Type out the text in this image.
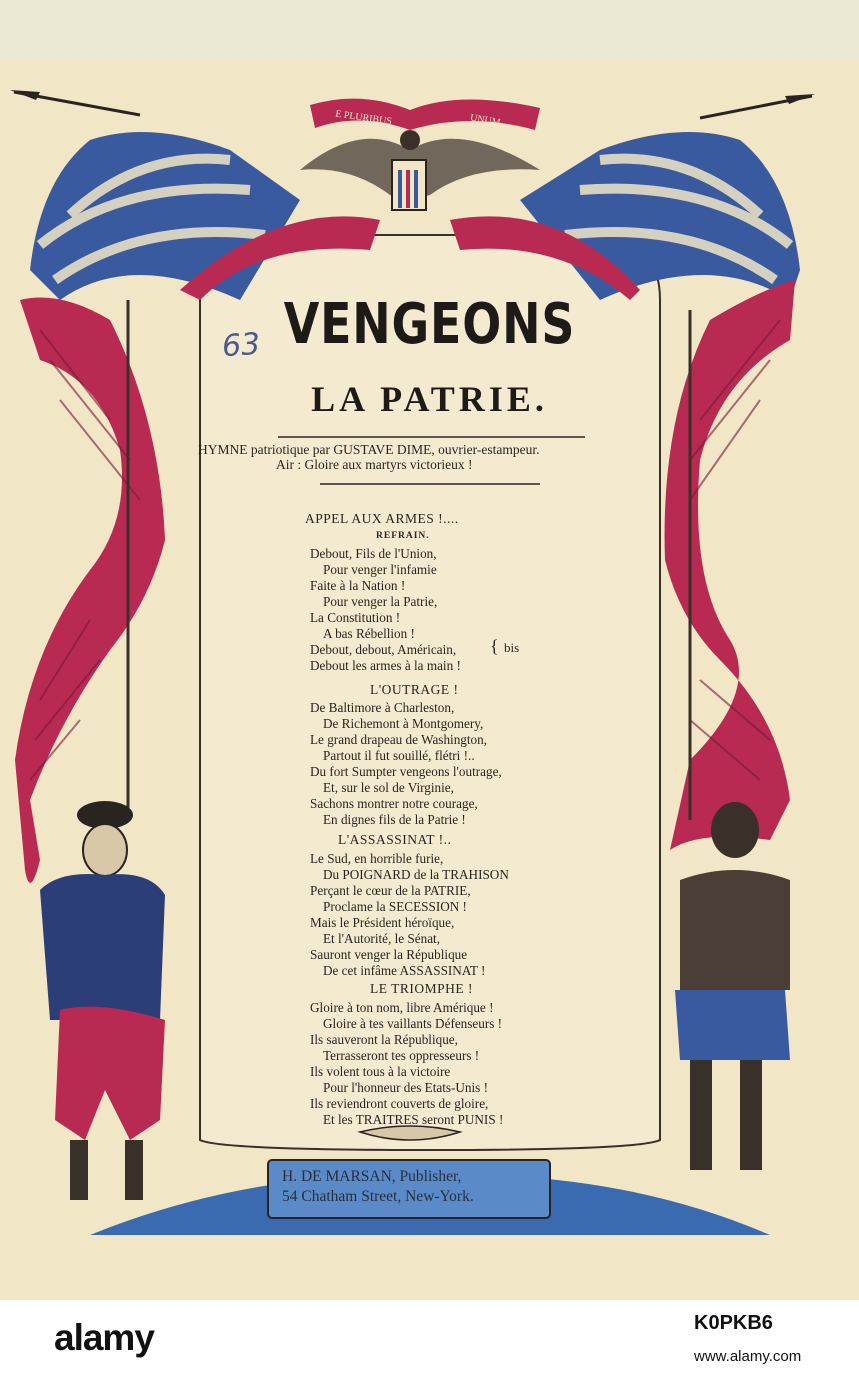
E PLURIBUS	UNUM
VENGEONS
LA PATRIE.
63
HYMNE patriotique par GUSTAVE DIME, ouvrier-estampeur.
Air : Gloire aux martyrs victorieux !
APPEL AUX ARMES !....
REFRAIN.
Debout, Fils de l'Union,
Pour venger l'infamie
Faite à la Nation !
Pour venger la Patrie,
La Constitution !
A bas Rébellion !
Debout, debout, Américain,
Debout les armes à la main !
{ bis
L'OUTRAGE !
De Baltimore à Charleston,
De Richemont à Montgomery,
Le grand drapeau de Washington,
Partout il fut souillé, flétri !..
Du fort Sumpter vengeons l'outrage,
Et, sur le sol de Virginie,
Sachons montrer notre courage,
En dignes fils de la Patrie !
L'ASSASSINAT !..
Le Sud, en horrible furie,
Du POIGNARD de la TRAHISON
Perçant le cœur de la PATRIE,
Proclame la SECESSION !
Mais le Président héroïque,
Et l'Autorité, le Sénat,
Sauront venger la République
De cet infâme ASSASSINAT !
LE TRIOMPHE !
Gloire à ton nom, libre Amérique !
Gloire à tes vaillants Défenseurs !
Ils sauveront la République,
Terrasseront tes oppresseurs !
Ils volent tous à la victoire
Pour l'honneur des Etats-Unis !
Ils reviendront couverts de gloire,
Et les TRAITRES seront PUNIS !
H. DE MARSAN, Publisher,
54 Chatham Street, New-York.
alamy	K0PKB6
www.alamy.com
